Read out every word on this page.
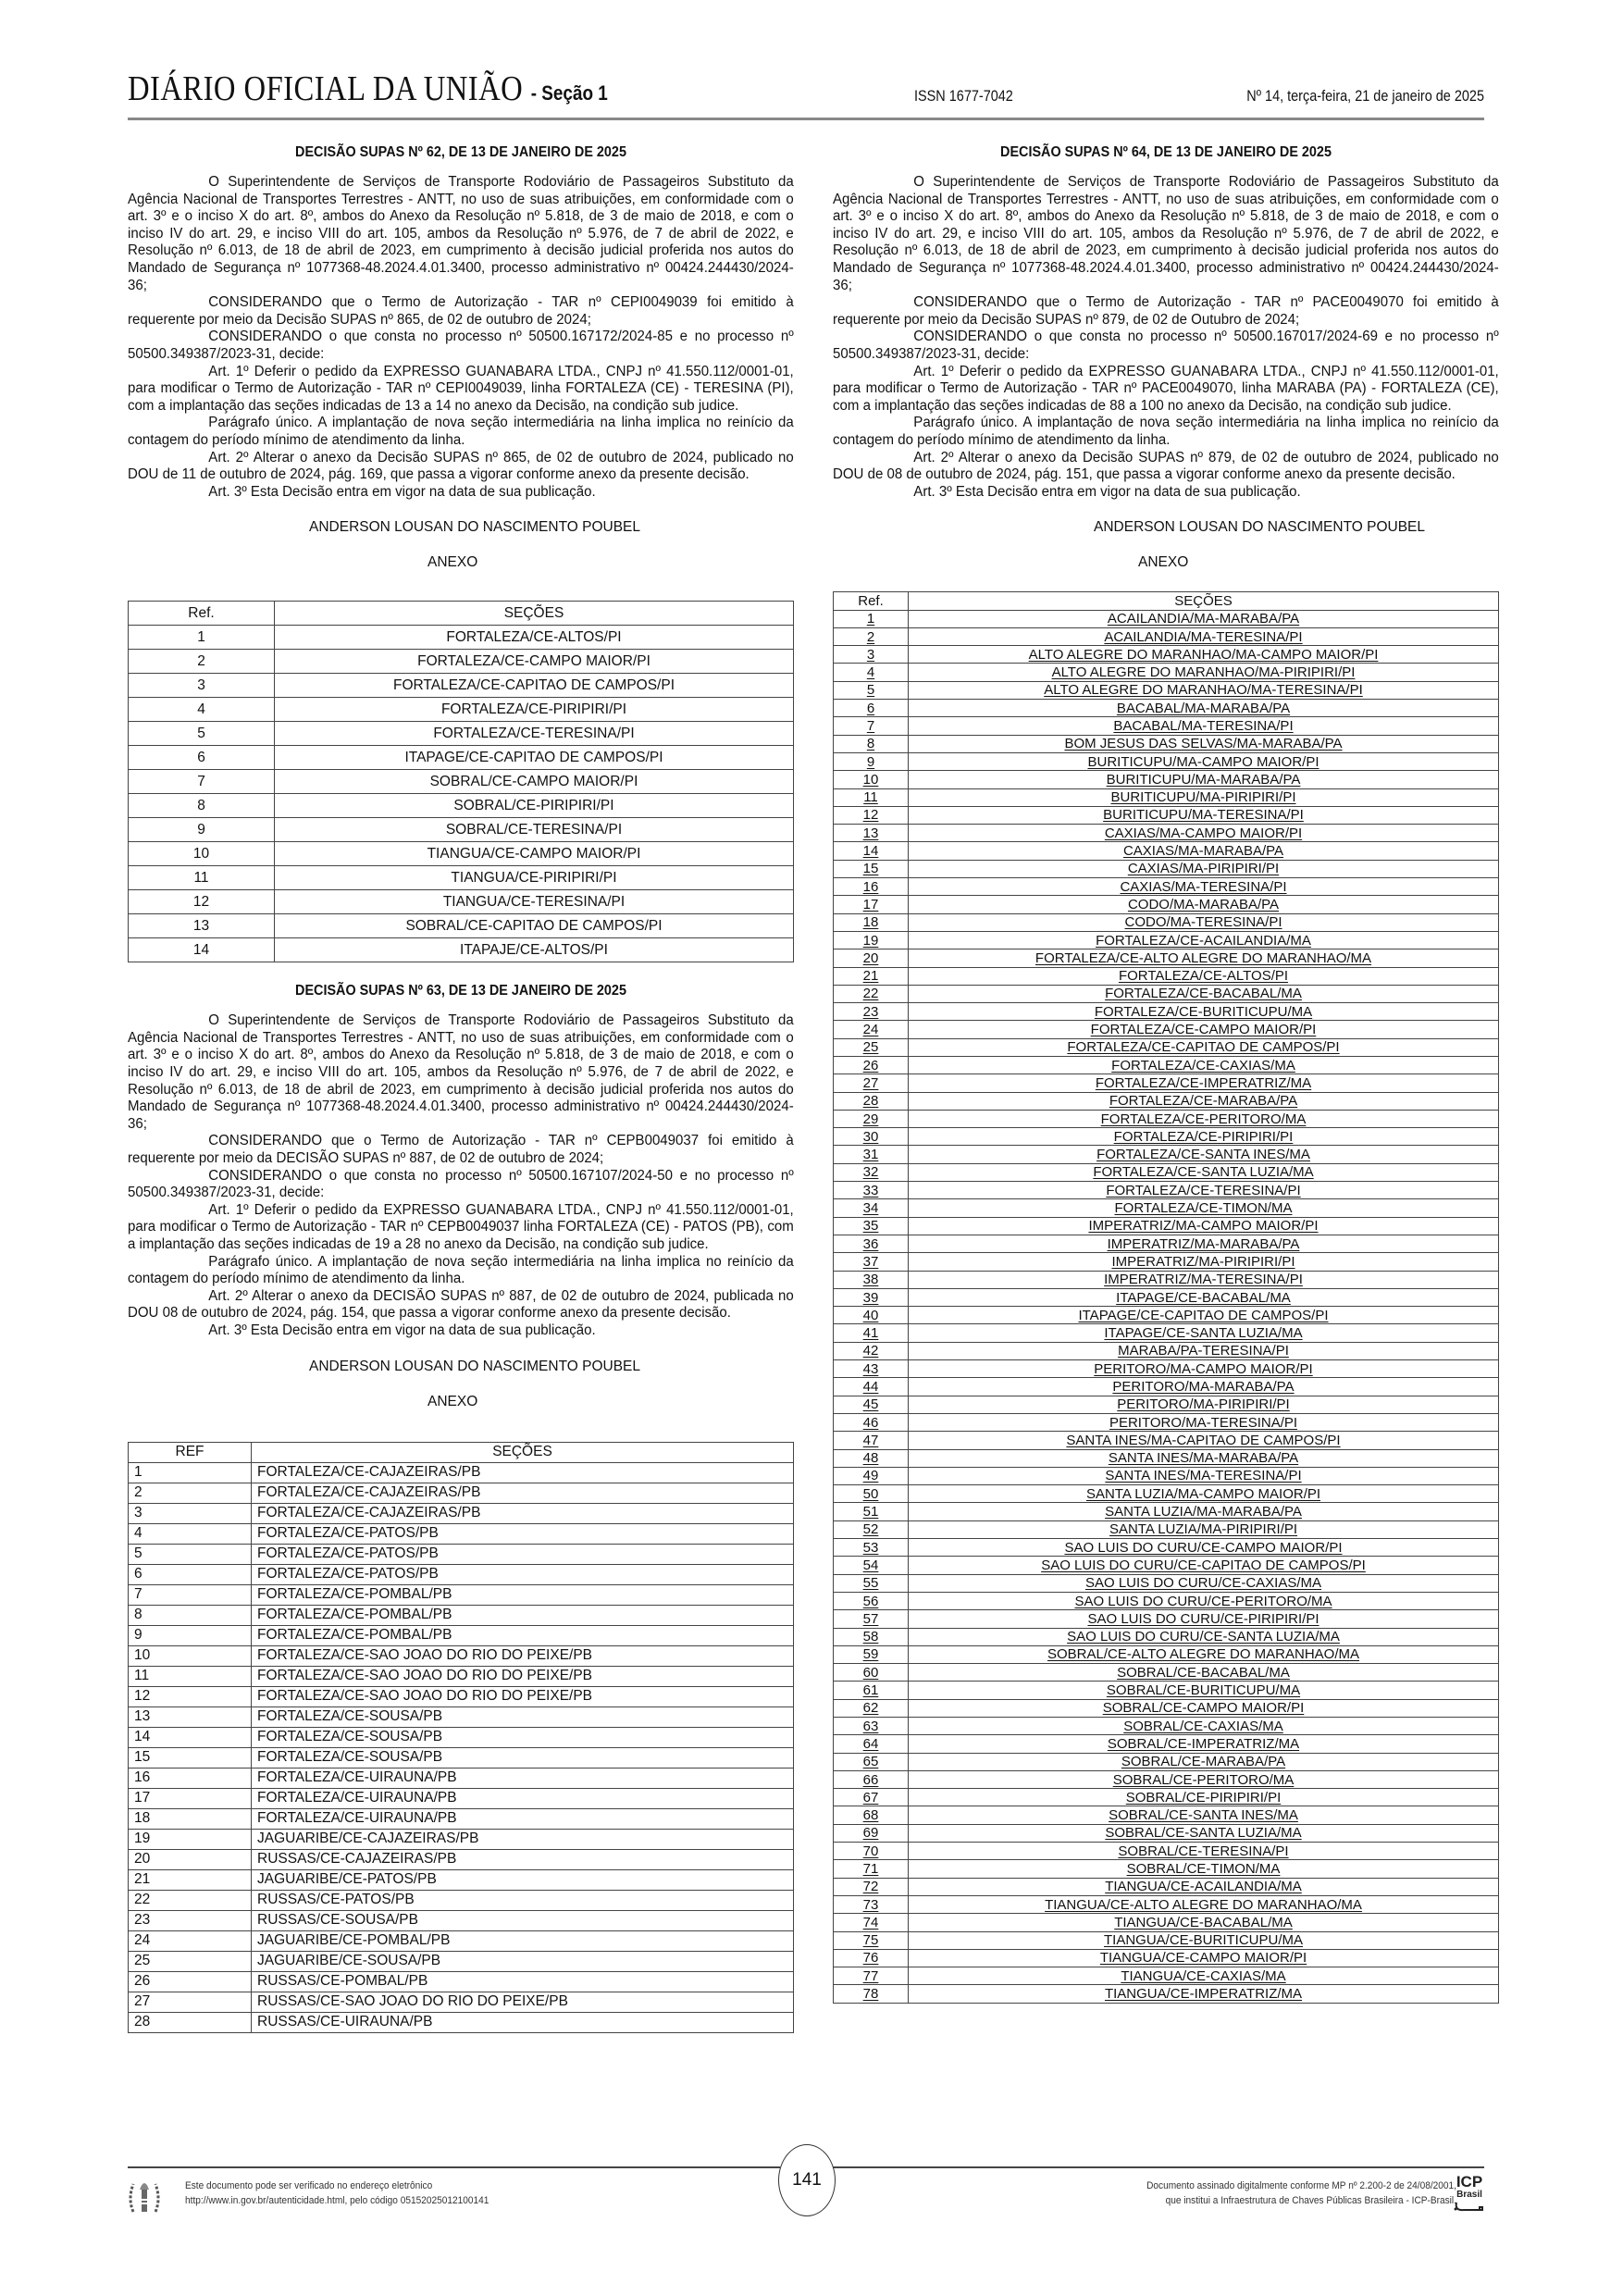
DIÁRIO OFICIAL DA UNIÃO - Seção 1	ISSN 1677-7042	Nº 14, terça-feira, 21 de janeiro de 2025
DECISÃO SUPAS Nº 62, DE 13 DE JANEIRO DE 2025

O Superintendente de Serviços de Transporte Rodoviário de Passageiros Substituto da Agência Nacional de Transportes Terrestres - ANTT, no uso de suas atribuições, em conformidade com o art. 3º e o inciso X do art. 8º, ambos do Anexo da Resolução nº 5.818, de 3 de maio de 2018, e com o inciso IV do art. 29, e inciso VIII do art. 105, ambos da Resolução nº 5.976, de 7 de abril de 2022, e Resolução nº 6.013, de 18 de abril de 2023, em cumprimento à decisão judicial proferida nos autos do Mandado de Segurança nº 1077368-48.2024.4.01.3400, processo administrativo nº 00424.244430/2024-36;

CONSIDERANDO que o Termo de Autorização - TAR nº CEPI0049039 foi emitido à requerente por meio da Decisão SUPAS nº 865, de 02 de outubro de 2024;

CONSIDERANDO o que consta no processo nº 50500.167172/2024-85 e no processo nº 50500.349387/2023-31, decide:

Art. 1º Deferir o pedido da EXPRESSO GUANABARA LTDA., CNPJ nº 41.550.112/0001-01, para modificar o Termo de Autorização - TAR nº CEPI0049039, linha FORTALEZA (CE) - TERESINA (PI), com a implantação das seções indicadas de 13 a 14 no anexo da Decisão, na condição sub judice.

Parágrafo único. A implantação de nova seção intermediária na linha implica no reinício da contagem do período mínimo de atendimento da linha.

Art. 2º Alterar o anexo da Decisão SUPAS nº 865, de 02 de outubro de 2024, publicado no DOU de 11 de outubro de 2024, pág. 169, que passa a vigorar conforme anexo da presente decisão.

Art. 3º Esta Decisão entra em vigor na data de sua publicação.

ANDERSON LOUSAN DO NASCIMENTO POUBEL
ANEXO
Ref.	SEÇÕES
1	FORTALEZA/CE-ALTOS/PI
2	FORTALEZA/CE-CAMPO MAIOR/PI
3	FORTALEZA/CE-CAPITAO DE CAMPOS/PI
4	FORTALEZA/CE-PIRIPIRI/PI
5	FORTALEZA/CE-TERESINA/PI
6	ITAPAGE/CE-CAPITAO DE CAMPOS/PI
7	SOBRAL/CE-CAMPO MAIOR/PI
8	SOBRAL/CE-PIRIPIRI/PI
9	SOBRAL/CE-TERESINA/PI
10	TIANGUA/CE-CAMPO MAIOR/PI
11	TIANGUA/CE-PIRIPIRI/PI
12	TIANGUA/CE-TERESINA/PI
13	SOBRAL/CE-CAPITAO DE CAMPOS/PI
14	ITAPAJE/CE-ALTOS/PI
DECISÃO SUPAS Nº 63, DE 13 DE JANEIRO DE 2025

O Superintendente de Serviços de Transporte Rodoviário de Passageiros Substituto da Agência Nacional de Transportes Terrestres - ANTT, no uso de suas atribuições, em conformidade com o art. 3º e o inciso X do art. 8º, ambos do Anexo da Resolução nº 5.818, de 3 de maio de 2018, e com o inciso IV do art. 29, e inciso VIII do art. 105, ambos da Resolução nº 5.976, de 7 de abril de 2022, e Resolução nº 6.013, de 18 de abril de 2023, em cumprimento à decisão judicial proferida nos autos do Mandado de Segurança nº 1077368-48.2024.4.01.3400, processo administrativo nº 00424.244430/2024-36;

CONSIDERANDO que o Termo de Autorização - TAR nº CEPB0049037 foi emitido à requerente por meio da DECISÃO SUPAS nº 887, de 02 de outubro de 2024;

CONSIDERANDO o que consta no processo nº 50500.167107/2024-50 e no processo nº 50500.349387/2023-31, decide:

Art. 1º Deferir o pedido da EXPRESSO GUANABARA LTDA., CNPJ nº 41.550.112/0001-01, para modificar o Termo de Autorização - TAR nº CEPB0049037 linha FORTALEZA (CE) - PATOS (PB), com a implantação das seções indicadas de 19 a 28 no anexo da Decisão, na condição sub judice.

Parágrafo único. A implantação de nova seção intermediária na linha implica no reinício da contagem do período mínimo de atendimento da linha.

Art. 2º Alterar o anexo da DECISÃO SUPAS nº 887, de 02 de outubro de 2024, publicada no DOU 08 de outubro de 2024, pág. 154, que passa a vigorar conforme anexo da presente decisão.

Art. 3º Esta Decisão entra em vigor na data de sua publicação.

ANDERSON LOUSAN DO NASCIMENTO POUBEL
ANEXO
REF	SEÇÕES
1	FORTALEZA/CE-CAJAZEIRAS/PB
2	FORTALEZA/CE-CAJAZEIRAS/PB
3	FORTALEZA/CE-CAJAZEIRAS/PB
4	FORTALEZA/CE-PATOS/PB
5	FORTALEZA/CE-PATOS/PB
6	FORTALEZA/CE-PATOS/PB
7	FORTALEZA/CE-POMBAL/PB
8	FORTALEZA/CE-POMBAL/PB
9	FORTALEZA/CE-POMBAL/PB
10	FORTALEZA/CE-SAO JOAO DO RIO DO PEIXE/PB
11	FORTALEZA/CE-SAO JOAO DO RIO DO PEIXE/PB
12	FORTALEZA/CE-SAO JOAO DO RIO DO PEIXE/PB
13	FORTALEZA/CE-SOUSA/PB
14	FORTALEZA/CE-SOUSA/PB
15	FORTALEZA/CE-SOUSA/PB
16	FORTALEZA/CE-UIRAUNA/PB
17	FORTALEZA/CE-UIRAUNA/PB
18	FORTALEZA/CE-UIRAUNA/PB
19	JAGUARIBE/CE-CAJAZEIRAS/PB
20	RUSSAS/CE-CAJAZEIRAS/PB
21	JAGUARIBE/CE-PATOS/PB
22	RUSSAS/CE-PATOS/PB
23	RUSSAS/CE-SOUSA/PB
24	JAGUARIBE/CE-POMBAL/PB
25	JAGUARIBE/CE-SOUSA/PB
26	RUSSAS/CE-POMBAL/PB
27	RUSSAS/CE-SAO JOAO DO RIO DO PEIXE/PB
28	RUSSAS/CE-UIRAUNA/PB
DECISÃO SUPAS Nº 64, DE 13 DE JANEIRO DE 2025

O Superintendente de Serviços de Transporte Rodoviário de Passageiros Substituto da Agência Nacional de Transportes Terrestres - ANTT, no uso de suas atribuições, em conformidade com o art. 3º e o inciso X do art. 8º, ambos do Anexo da Resolução nº 5.818, de 3 de maio de 2018, e com o inciso IV do art. 29, e inciso VIII do art. 105, ambos da Resolução nº 5.976, de 7 de abril de 2022, e Resolução nº 6.013, de 18 de abril de 2023, em cumprimento à decisão judicial proferida nos autos do Mandado de Segurança nº 1077368-48.2024.4.01.3400, processo administrativo nº 00424.244430/2024-36;

CONSIDERANDO que o Termo de Autorização - TAR nº PACE0049070 foi emitido à requerente por meio da Decisão SUPAS nº 879, de 02 de Outubro de 2024;

CONSIDERANDO o que consta no processo nº 50500.167017/2024-69 e no processo nº 50500.349387/2023-31, decide:

Art. 1º Deferir o pedido da EXPRESSO GUANABARA LTDA., CNPJ nº 41.550.112/0001-01, para modificar o Termo de Autorização - TAR nº PACE0049070, linha MARABA (PA) - FORTALEZA (CE), com a implantação das seções indicadas de 88 a 100 no anexo da Decisão, na condição sub judice.

Parágrafo único. A implantação de nova seção intermediária na linha implica no reinício da contagem do período mínimo de atendimento da linha.

Art. 2º Alterar o anexo da Decisão SUPAS nº 879, de 02 de outubro de 2024, publicado no DOU de 08 de outubro de 2024, pág. 151, que passa a vigorar conforme anexo da presente decisão.

Art. 3º Esta Decisão entra em vigor na data de sua publicação.

ANDERSON LOUSAN DO NASCIMENTO POUBEL
ANEXO
Ref.	SEÇÕES
1	ACAILANDIA/MA-MARABA/PA
2	ACAILANDIA/MA-TERESINA/PI
3	ALTO ALEGRE DO MARANHAO/MA-CAMPO MAIOR/PI
4	ALTO ALEGRE DO MARANHAO/MA-PIRIPIRI/PI
5	ALTO ALEGRE DO MARANHAO/MA-TERESINA/PI
6	BACABAL/MA-MARABA/PA
7	BACABAL/MA-TERESINA/PI
8	BOM JESUS DAS SELVAS/MA-MARABA/PA
9	BURITICUPU/MA-CAMPO MAIOR/PI
10	BURITICUPU/MA-MARABA/PA
11	BURITICUPU/MA-PIRIPIRI/PI
12	BURITICUPU/MA-TERESINA/PI
13	CAXIAS/MA-CAMPO MAIOR/PI
14	CAXIAS/MA-MARABA/PA
15	CAXIAS/MA-PIRIPIRI/PI
16	CAXIAS/MA-TERESINA/PI
17	CODO/MA-MARABA/PA
18	CODO/MA-TERESINA/PI
19	FORTALEZA/CE-ACAILANDIA/MA
20	FORTALEZA/CE-ALTO ALEGRE DO MARANHAO/MA
21	FORTALEZA/CE-ALTOS/PI
22	FORTALEZA/CE-BACABAL/MA
23	FORTALEZA/CE-BURITICUPU/MA
24	FORTALEZA/CE-CAMPO MAIOR/PI
25	FORTALEZA/CE-CAPITAO DE CAMPOS/PI
26	FORTALEZA/CE-CAXIAS/MA
27	FORTALEZA/CE-IMPERATRIZ/MA
28	FORTALEZA/CE-MARABA/PA
29	FORTALEZA/CE-PERITORO/MA
30	FORTALEZA/CE-PIRIPIRI/PI
31	FORTALEZA/CE-SANTA INES/MA
32	FORTALEZA/CE-SANTA LUZIA/MA
33	FORTALEZA/CE-TERESINA/PI
34	FORTALEZA/CE-TIMON/MA
35	IMPERATRIZ/MA-CAMPO MAIOR/PI
36	IMPERATRIZ/MA-MARABA/PA
37	IMPERATRIZ/MA-PIRIPIRI/PI
38	IMPERATRIZ/MA-TERESINA/PI
39	ITAPAGE/CE-BACABAL/MA
40	ITAPAGE/CE-CAPITAO DE CAMPOS/PI
41	ITAPAGE/CE-SANTA LUZIA/MA
42	MARABA/PA-TERESINA/PI
43	PERITORO/MA-CAMPO MAIOR/PI
44	PERITORO/MA-MARABA/PA
45	PERITORO/MA-PIRIPIRI/PI
46	PERITORO/MA-TERESINA/PI
47	SANTA INES/MA-CAPITAO DE CAMPOS/PI
48	SANTA INES/MA-MARABA/PA
49	SANTA INES/MA-TERESINA/PI
50	SANTA LUZIA/MA-CAMPO MAIOR/PI
51	SANTA LUZIA/MA-MARABA/PA
52	SANTA LUZIA/MA-PIRIPIRI/PI
53	SAO LUIS DO CURU/CE-CAMPO MAIOR/PI
54	SAO LUIS DO CURU/CE-CAPITAO DE CAMPOS/PI
55	SAO LUIS DO CURU/CE-CAXIAS/MA
56	SAO LUIS DO CURU/CE-PERITORO/MA
57	SAO LUIS DO CURU/CE-PIRIPIRI/PI
58	SAO LUIS DO CURU/CE-SANTA LUZIA/MA
59	SOBRAL/CE-ALTO ALEGRE DO MARANHAO/MA
60	SOBRAL/CE-BACABAL/MA
61	SOBRAL/CE-BURITICUPU/MA
62	SOBRAL/CE-CAMPO MAIOR/PI
63	SOBRAL/CE-CAXIAS/MA
64	SOBRAL/CE-IMPERATRIZ/MA
65	SOBRAL/CE-MARABA/PA
66	SOBRAL/CE-PERITORO/MA
67	SOBRAL/CE-PIRIPIRI/PI
68	SOBRAL/CE-SANTA INES/MA
69	SOBRAL/CE-SANTA LUZIA/MA
70	SOBRAL/CE-TERESINA/PI
71	SOBRAL/CE-TIMON/MA
72	TIANGUA/CE-ACAILANDIA/MA
73	TIANGUA/CE-ALTO ALEGRE DO MARANHAO/MA
74	TIANGUA/CE-BACABAL/MA
75	TIANGUA/CE-BURITICUPU/MA
76	TIANGUA/CE-CAMPO MAIOR/PI
77	TIANGUA/CE-CAXIAS/MA
78	TIANGUA/CE-IMPERATRIZ/MA
141
Este documento pode ser verificado no endereço eletrônico
http://www.in.gov.br/autenticidade.html, pelo código 05152025012100141
Documento assinado digitalmente conforme MP nº 2.200-2 de 24/08/2001,
que institui a Infraestrutura de Chaves Públicas Brasileira - ICP-Brasil.
ICP
Brasil
